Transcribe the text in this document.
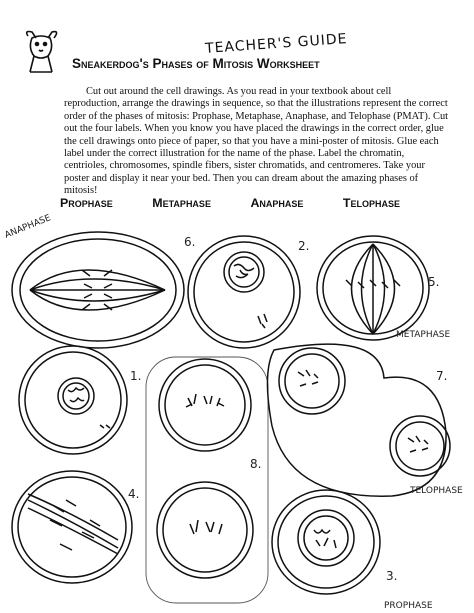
TEACHER'S GUIDE
Sneakerdog's Phases of Mitosis Worksheet

Cut out around the cell drawings. As you read in your textbook about cell reproduction, arrange the drawings in sequence, so that the illustrations represent the correct order of the phases of mitosis: Prophase, Metaphase, Anaphase, and Telophase (PMAT). Cut out the four labels. When you know you have placed the drawings in the correct order, glue the cell drawings onto piece of paper, so that you have a mini-poster of mitosis. Glue each label under the correct illustration for the name of the phase. Label the chromatin, centrioles, chromosomes, spindle fibers, sister chromatids, and centromeres. Take your poster and display it near your bed. Then you can dream about the amazing phases of mitosis!

Prophase	Metaphase	Anaphase	Telophase
ANAPHASE
METAPHASE
TELOPHASE
PROPHASE
6.	2.
5.
1.	7.
8.
4.
3.
